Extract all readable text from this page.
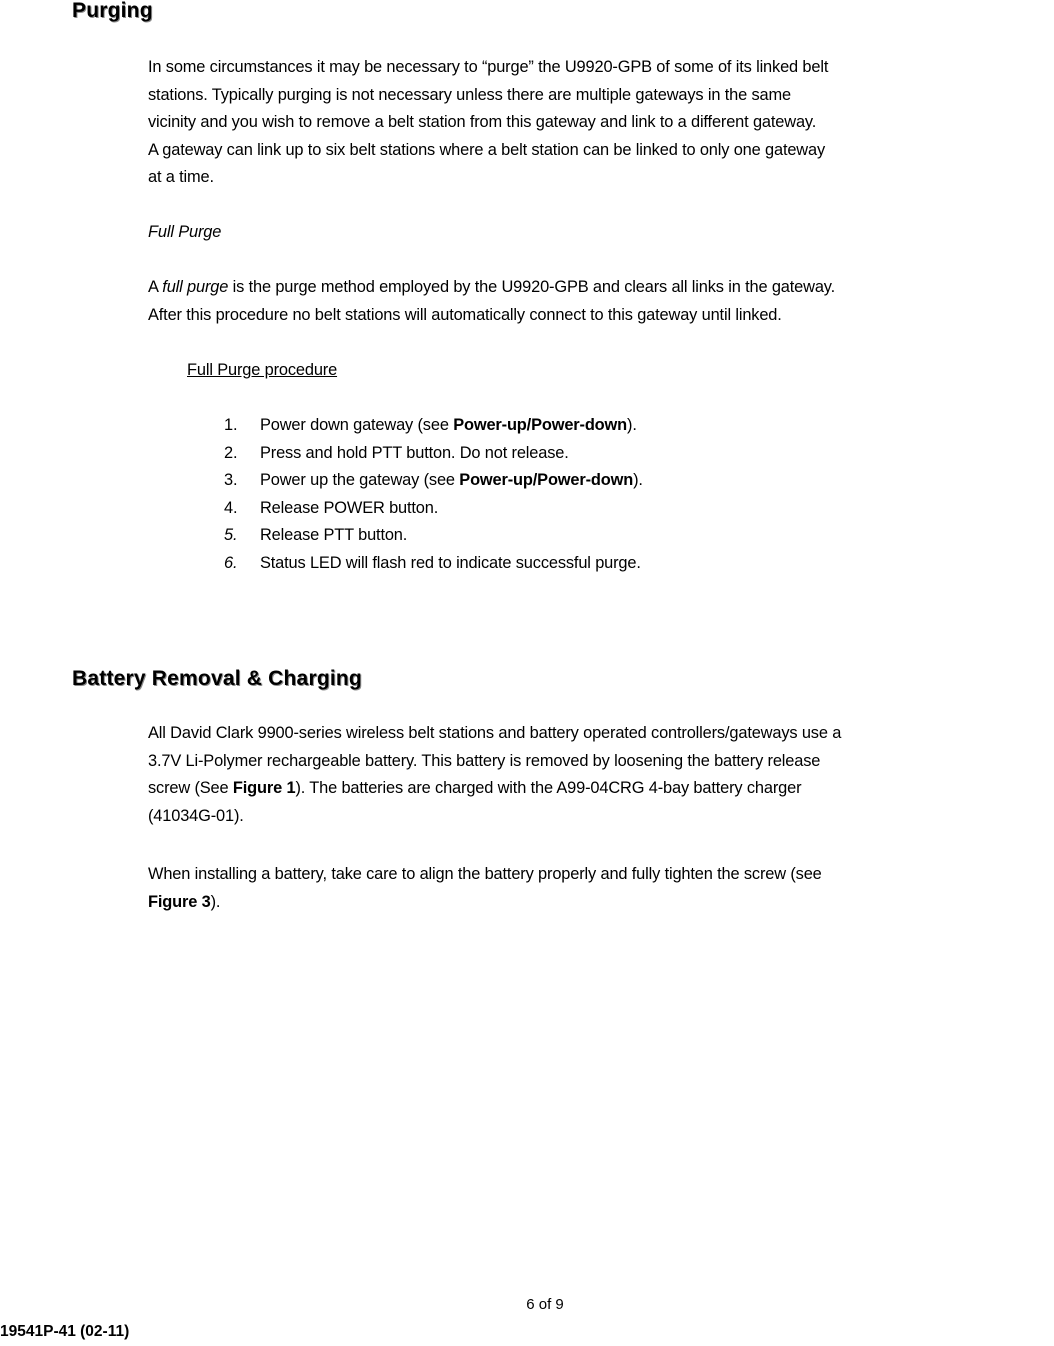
Purging
In some circumstances it may be necessary to “purge” the U9920-GPB of some of its linked belt
stations. Typically purging is not necessary unless there are multiple gateways in the same
vicinity and you wish to remove a belt station from this gateway and link to a different gateway.
A gateway can link up to six belt stations where a belt station can be linked to only one gateway
at a time.
Full Purge
A full purge is the purge method employed by the U9920-GPB and clears all links in the gateway.
After this procedure no belt stations will automatically connect to this gateway until linked.
Full Purge procedure
1. Power down gateway (see Power-up/Power-down).
2. Press and hold PTT button. Do not release.
3. Power up the gateway (see Power-up/Power-down).
4. Release POWER button.
5. Release PTT button.
6. Status LED will flash red to indicate successful purge.
Battery Removal & Charging
All David Clark 9900-series wireless belt stations and battery operated controllers/gateways use a
3.7V Li-Polymer rechargeable battery. This battery is removed by loosening the battery release
screw (See Figure 1). The batteries are charged with the A99-04CRG 4-bay battery charger
(41034G-01).
When installing a battery, take care to align the battery properly and fully tighten the screw (see
Figure 3).
6 of 9
19541P-41 (02-11)
